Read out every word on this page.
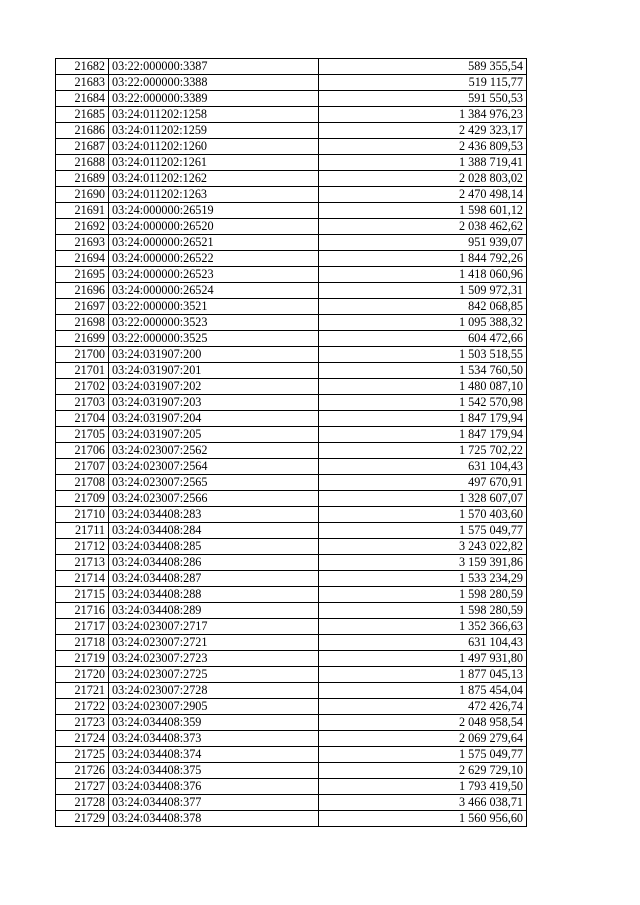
21682	03:22:000000:3387	589 355,54
21683	03:22:000000:3388	519 115,77
21684	03:22:000000:3389	591 550,53
21685	03:24:011202:1258	1 384 976,23
21686	03:24:011202:1259	2 429 323,17
21687	03:24:011202:1260	2 436 809,53
21688	03:24:011202:1261	1 388 719,41
21689	03:24:011202:1262	2 028 803,02
21690	03:24:011202:1263	2 470 498,14
21691	03:24:000000:26519	1 598 601,12
21692	03:24:000000:26520	2 038 462,62
21693	03:24:000000:26521	951 939,07
21694	03:24:000000:26522	1 844 792,26
21695	03:24:000000:26523	1 418 060,96
21696	03:24:000000:26524	1 509 972,31
21697	03:22:000000:3521	842 068,85
21698	03:22:000000:3523	1 095 388,32
21699	03:22:000000:3525	604 472,66
21700	03:24:031907:200	1 503 518,55
21701	03:24:031907:201	1 534 760,50
21702	03:24:031907:202	1 480 087,10
21703	03:24:031907:203	1 542 570,98
21704	03:24:031907:204	1 847 179,94
21705	03:24:031907:205	1 847 179,94
21706	03:24:023007:2562	1 725 702,22
21707	03:24:023007:2564	631 104,43
21708	03:24:023007:2565	497 670,91
21709	03:24:023007:2566	1 328 607,07
21710	03:24:034408:283	1 570 403,60
21711	03:24:034408:284	1 575 049,77
21712	03:24:034408:285	3 243 022,82
21713	03:24:034408:286	3 159 391,86
21714	03:24:034408:287	1 533 234,29
21715	03:24:034408:288	1 598 280,59
21716	03:24:034408:289	1 598 280,59
21717	03:24:023007:2717	1 352 366,63
21718	03:24:023007:2721	631 104,43
21719	03:24:023007:2723	1 497 931,80
21720	03:24:023007:2725	1 877 045,13
21721	03:24:023007:2728	1 875 454,04
21722	03:24:023007:2905	472 426,74
21723	03:24:034408:359	2 048 958,54
21724	03:24:034408:373	2 069 279,64
21725	03:24:034408:374	1 575 049,77
21726	03:24:034408:375	2 629 729,10
21727	03:24:034408:376	1 793 419,50
21728	03:24:034408:377	3 466 038,71
21729	03:24:034408:378	1 560 956,60
